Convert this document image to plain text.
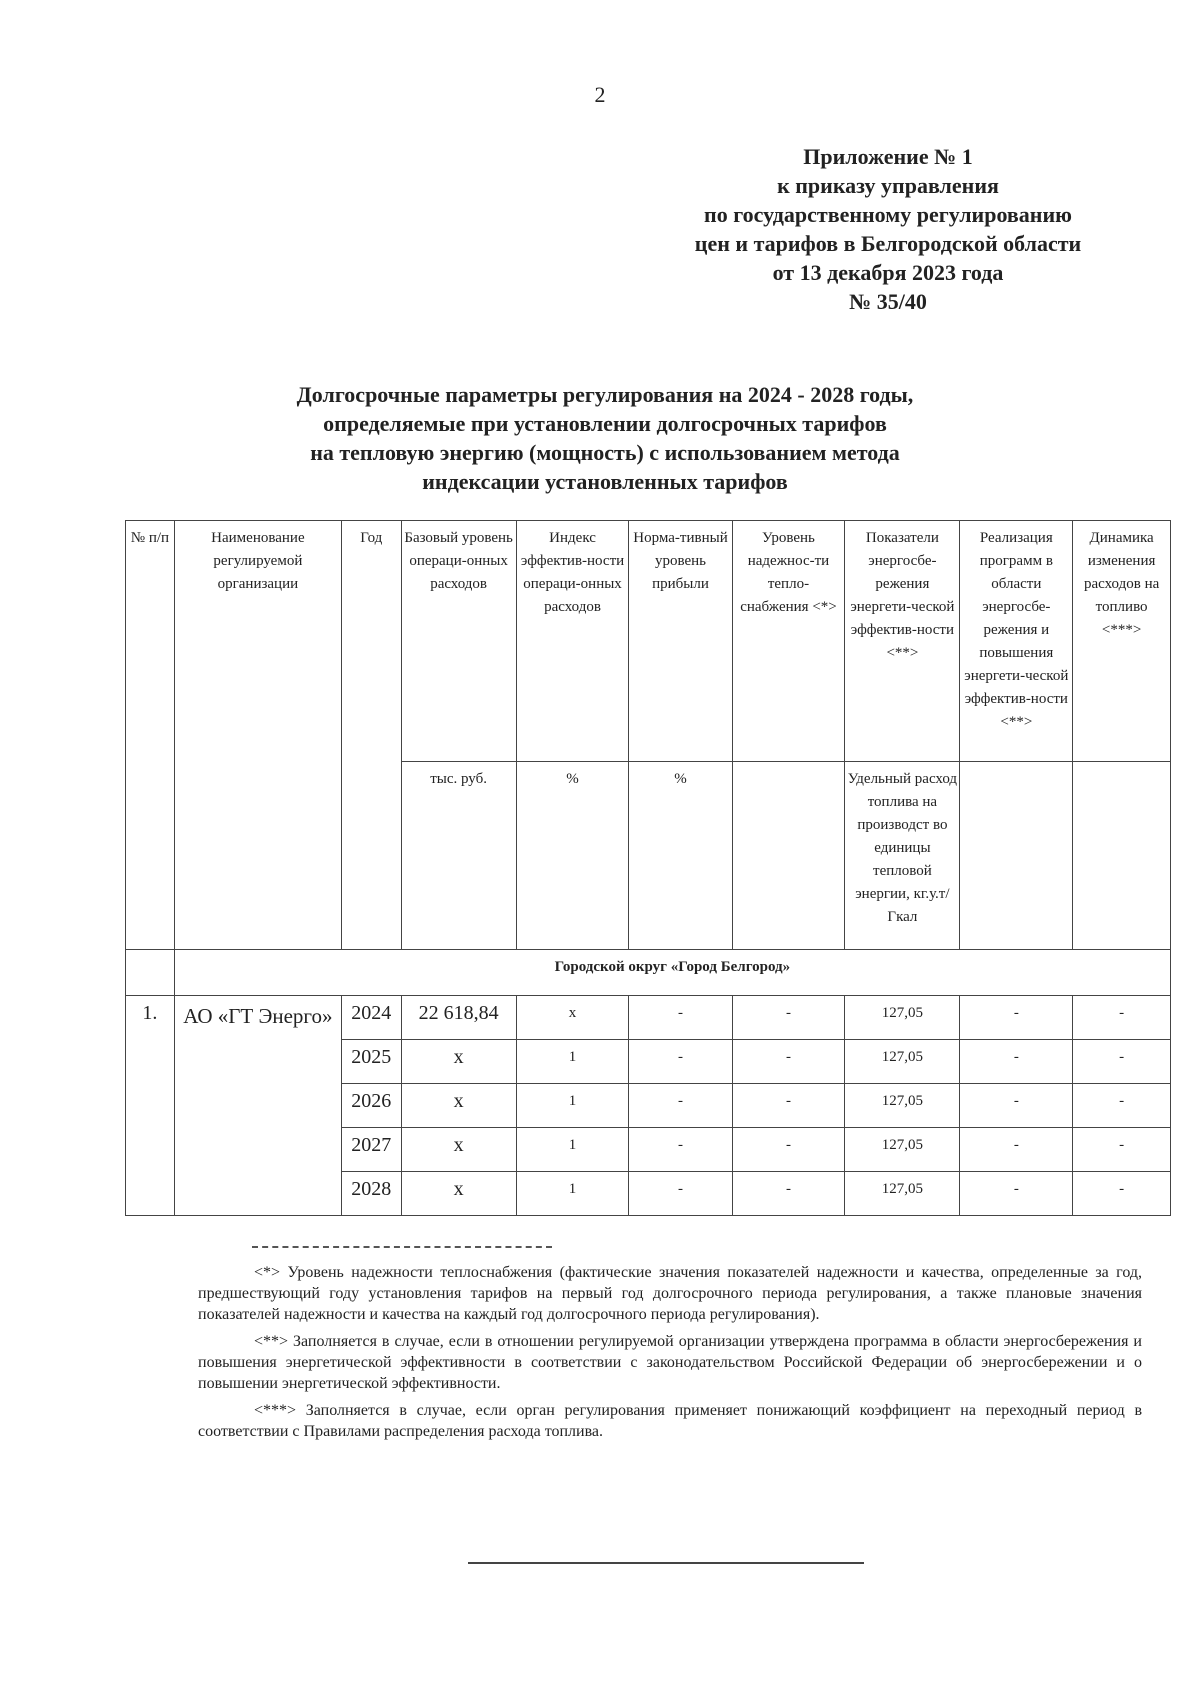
2
Приложение № 1
к приказу управления
по государственному регулированию
цен и тарифов в Белгородской области
от 13 декабря 2023 года
№ 35/40
Долгосрочные параметры регулирования на 2024 - 2028 годы,
определяемые при установлении долгосрочных тарифов
на тепловую энергию (мощность) с использованием метода
индексации установленных тарифов
№ п/п	Наименование регулируемой организации	Год	Базовый уровень операци-онных расходов	Индекс эффектив-ности операци-онных расходов	Норма-тивный уровень прибыли	Уровень надежнос-ти тепло-снабжения <*>	Показатели энергосбе-режения энергети-ческой эффектив-ности <**>	Реализация программ в области энергосбе-режения и повышения энергети-ческой эффектив-ности <**>	Динамика изменения расходов на топливо <***>
			тыс. руб.	%	%		Удельный расход топлива на производст во единицы тепловой энергии, кг.у.т/Гкал		
	Городской округ «Город Белгород»								
1.	АО «ГТ Энерго»	2024	22 618,84	х	-	-	127,05	-	-
		2025	х	1	-	-	127,05	-	-
		2026	х	1	-	-	127,05	-	-
		2027	х	1	-	-	127,05	-	-
		2028	х	1	-	-	127,05	-	-

<*> Уровень надежности теплоснабжения (фактические значения показателей надежности и качества, определенные за год, предшествующий году установления тарифов на первый год долгосрочного периода регулирования, а также плановые значения показателей надежности и качества на каждый год долгосрочного периода регулирования).

<**> Заполняется в случае, если в отношении регулируемой организации утверждена программа в области энергосбережения и повышения энергетической эффективности в соответствии с законодательством Российской Федерации об энергосбережении и о повышении энергетической эффективности.

<***> Заполняется в случае, если орган регулирования применяет понижающий коэффициент на переходный период в соответствии с Правилами распределения расхода топлива.
